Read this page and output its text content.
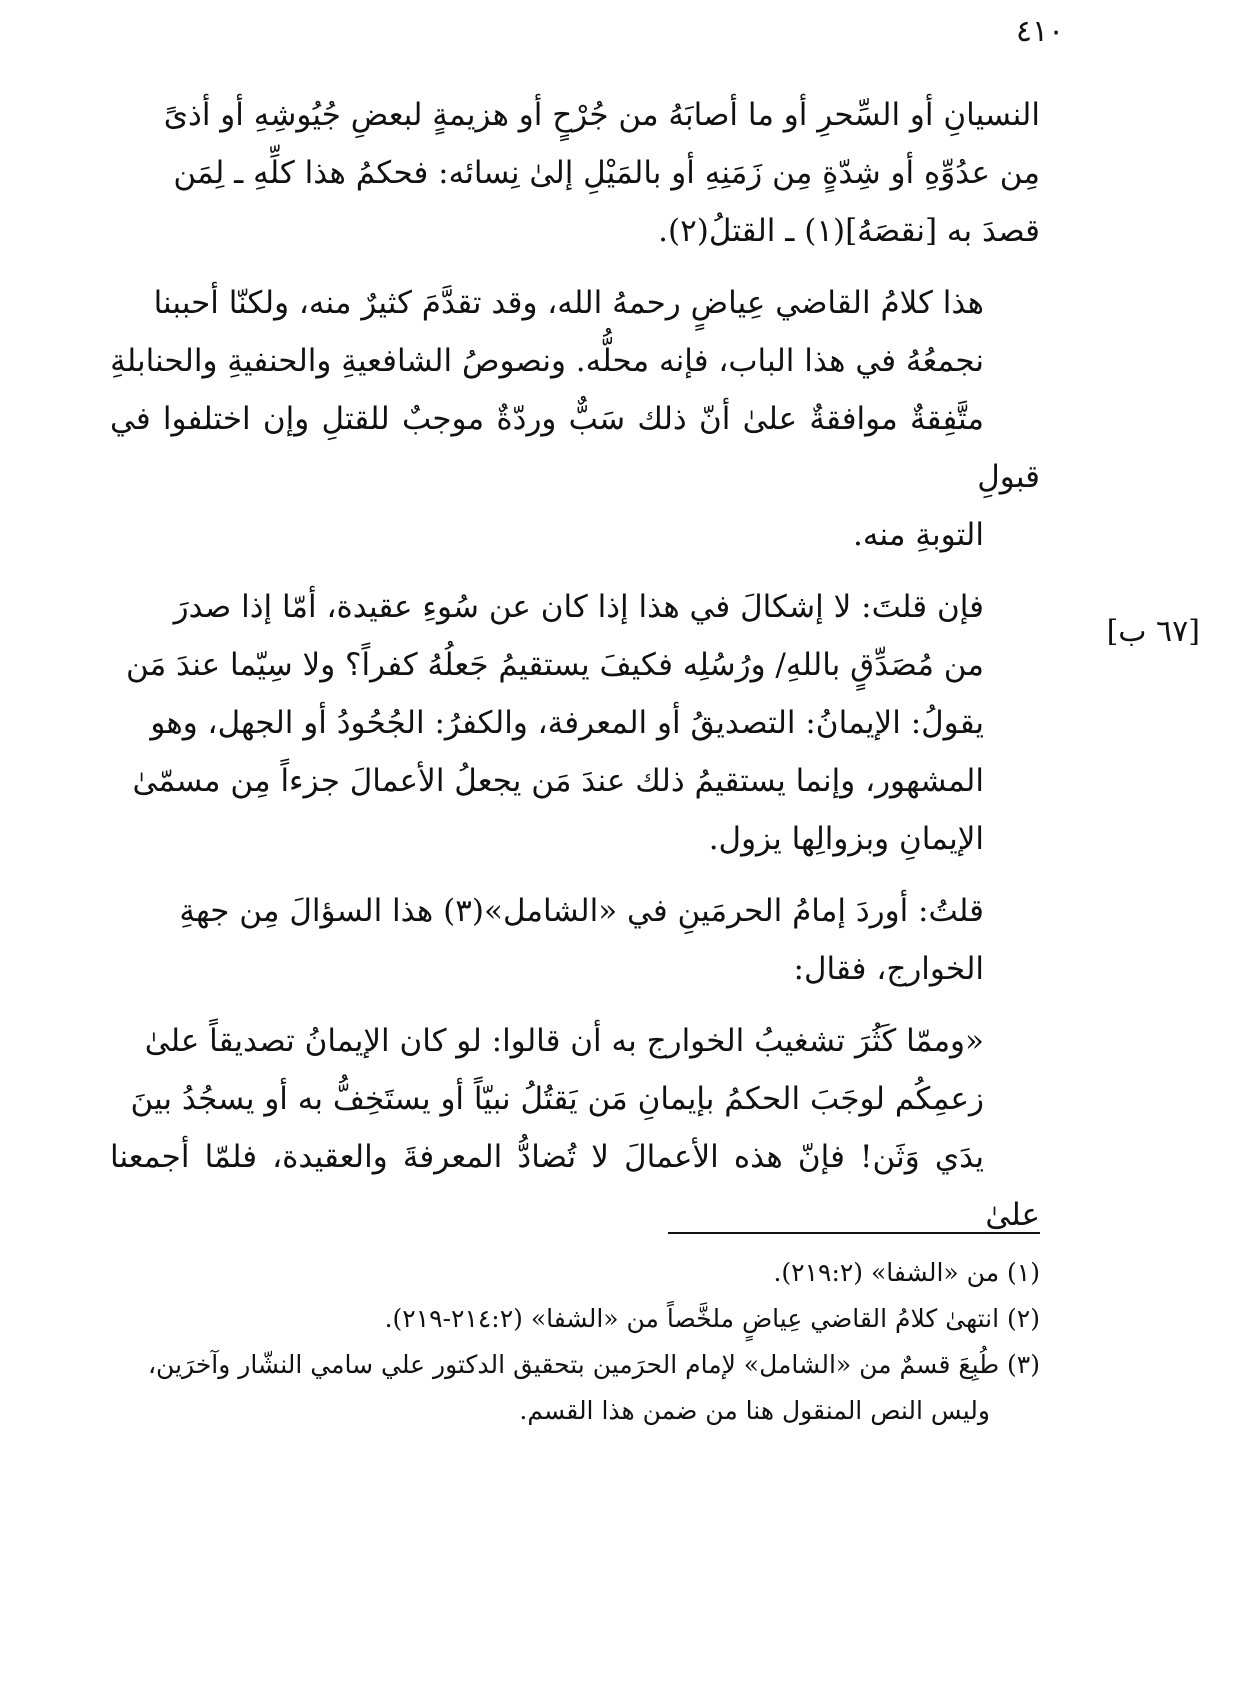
٤١٠
[٦٧ ب]

النسيانِ أو السِّحرِ أو ما أصابَهُ من جُرْحٍ أو هزيمةٍ لبعضِ جُيُوشِهِ أو أذىً
مِن عدُوِّهِ أو شِدّةٍ مِن زَمَنِهِ أو بالمَيْلِ إلىٰ نِسائه: فحكمُ هذا كلِّهِ ـ لِمَن
قصدَ به [نقصَهُ](١) ـ القتلُ(٢).

هذا كلامُ القاضي عِياضٍ رحمهُ الله، وقد تقدَّمَ كثيرٌ منه، ولكنّا أحببنا
نجمعُهُ في هذا الباب، فإنه محلُّه. ونصوصُ الشافعيةِ والحنفيةِ والحنابلةِ
متَّفِقةٌ موافقةٌ علىٰ أنّ ذلك سَبٌّ وردّةٌ موجبٌ للقتلِ وإن اختلفوا في قبولِ
التوبةِ منه.

فإن قلتَ: لا إشكالَ في هذا إذا كان عن سُوءِ عقيدة، أمّا إذا صدرَ
من مُصَدِّقٍ باللهِ/ ورُسُلِه فكيفَ يستقيمُ جَعلُهُ كفراً؟ ولا سِيّما عندَ مَن
يقولُ: الإيمانُ: التصديقُ أو المعرفة، والكفرُ: الجُحُودُ أو الجهل، وهو
المشهور، وإنما يستقيمُ ذلك عندَ مَن يجعلُ الأعمالَ جزءاً مِن مسمّىٰ
الإيمانِ وبزوالِها يزول.

قلتُ: أوردَ إمامُ الحرمَينِ في «الشامل»(٣) هذا السؤالَ مِن جهةِ
الخوارج، فقال:

«وممّا كَثُرَ تشغيبُ الخوارج به أن قالوا: لو كان الإيمانُ تصديقاً علىٰ
زعمِكُم لوجَبَ الحكمُ بإيمانِ مَن يَقتُلُ نبيّاً أو يستَخِفُّ به أو يسجُدُ بينَ
يدَي وَثَن! فإنّ هذه الأعمالَ لا تُضادُّ المعرفةَ والعقيدة، فلمّا أجمعنا علىٰ

(١) من «الشفا» (٢١٩:٢).

(٢) انتهىٰ كلامُ القاضي عِياضٍ ملخَّصاً من «الشفا» (٢١٤:٢-٢١٩).

(٣) طُبِعَ قسمٌ من «الشامل» لإمام الحرَمين بتحقيق الدكتور علي سامي النشّار وآخرَين،
وليس النص المنقول هنا من ضمن هذا القسم.
